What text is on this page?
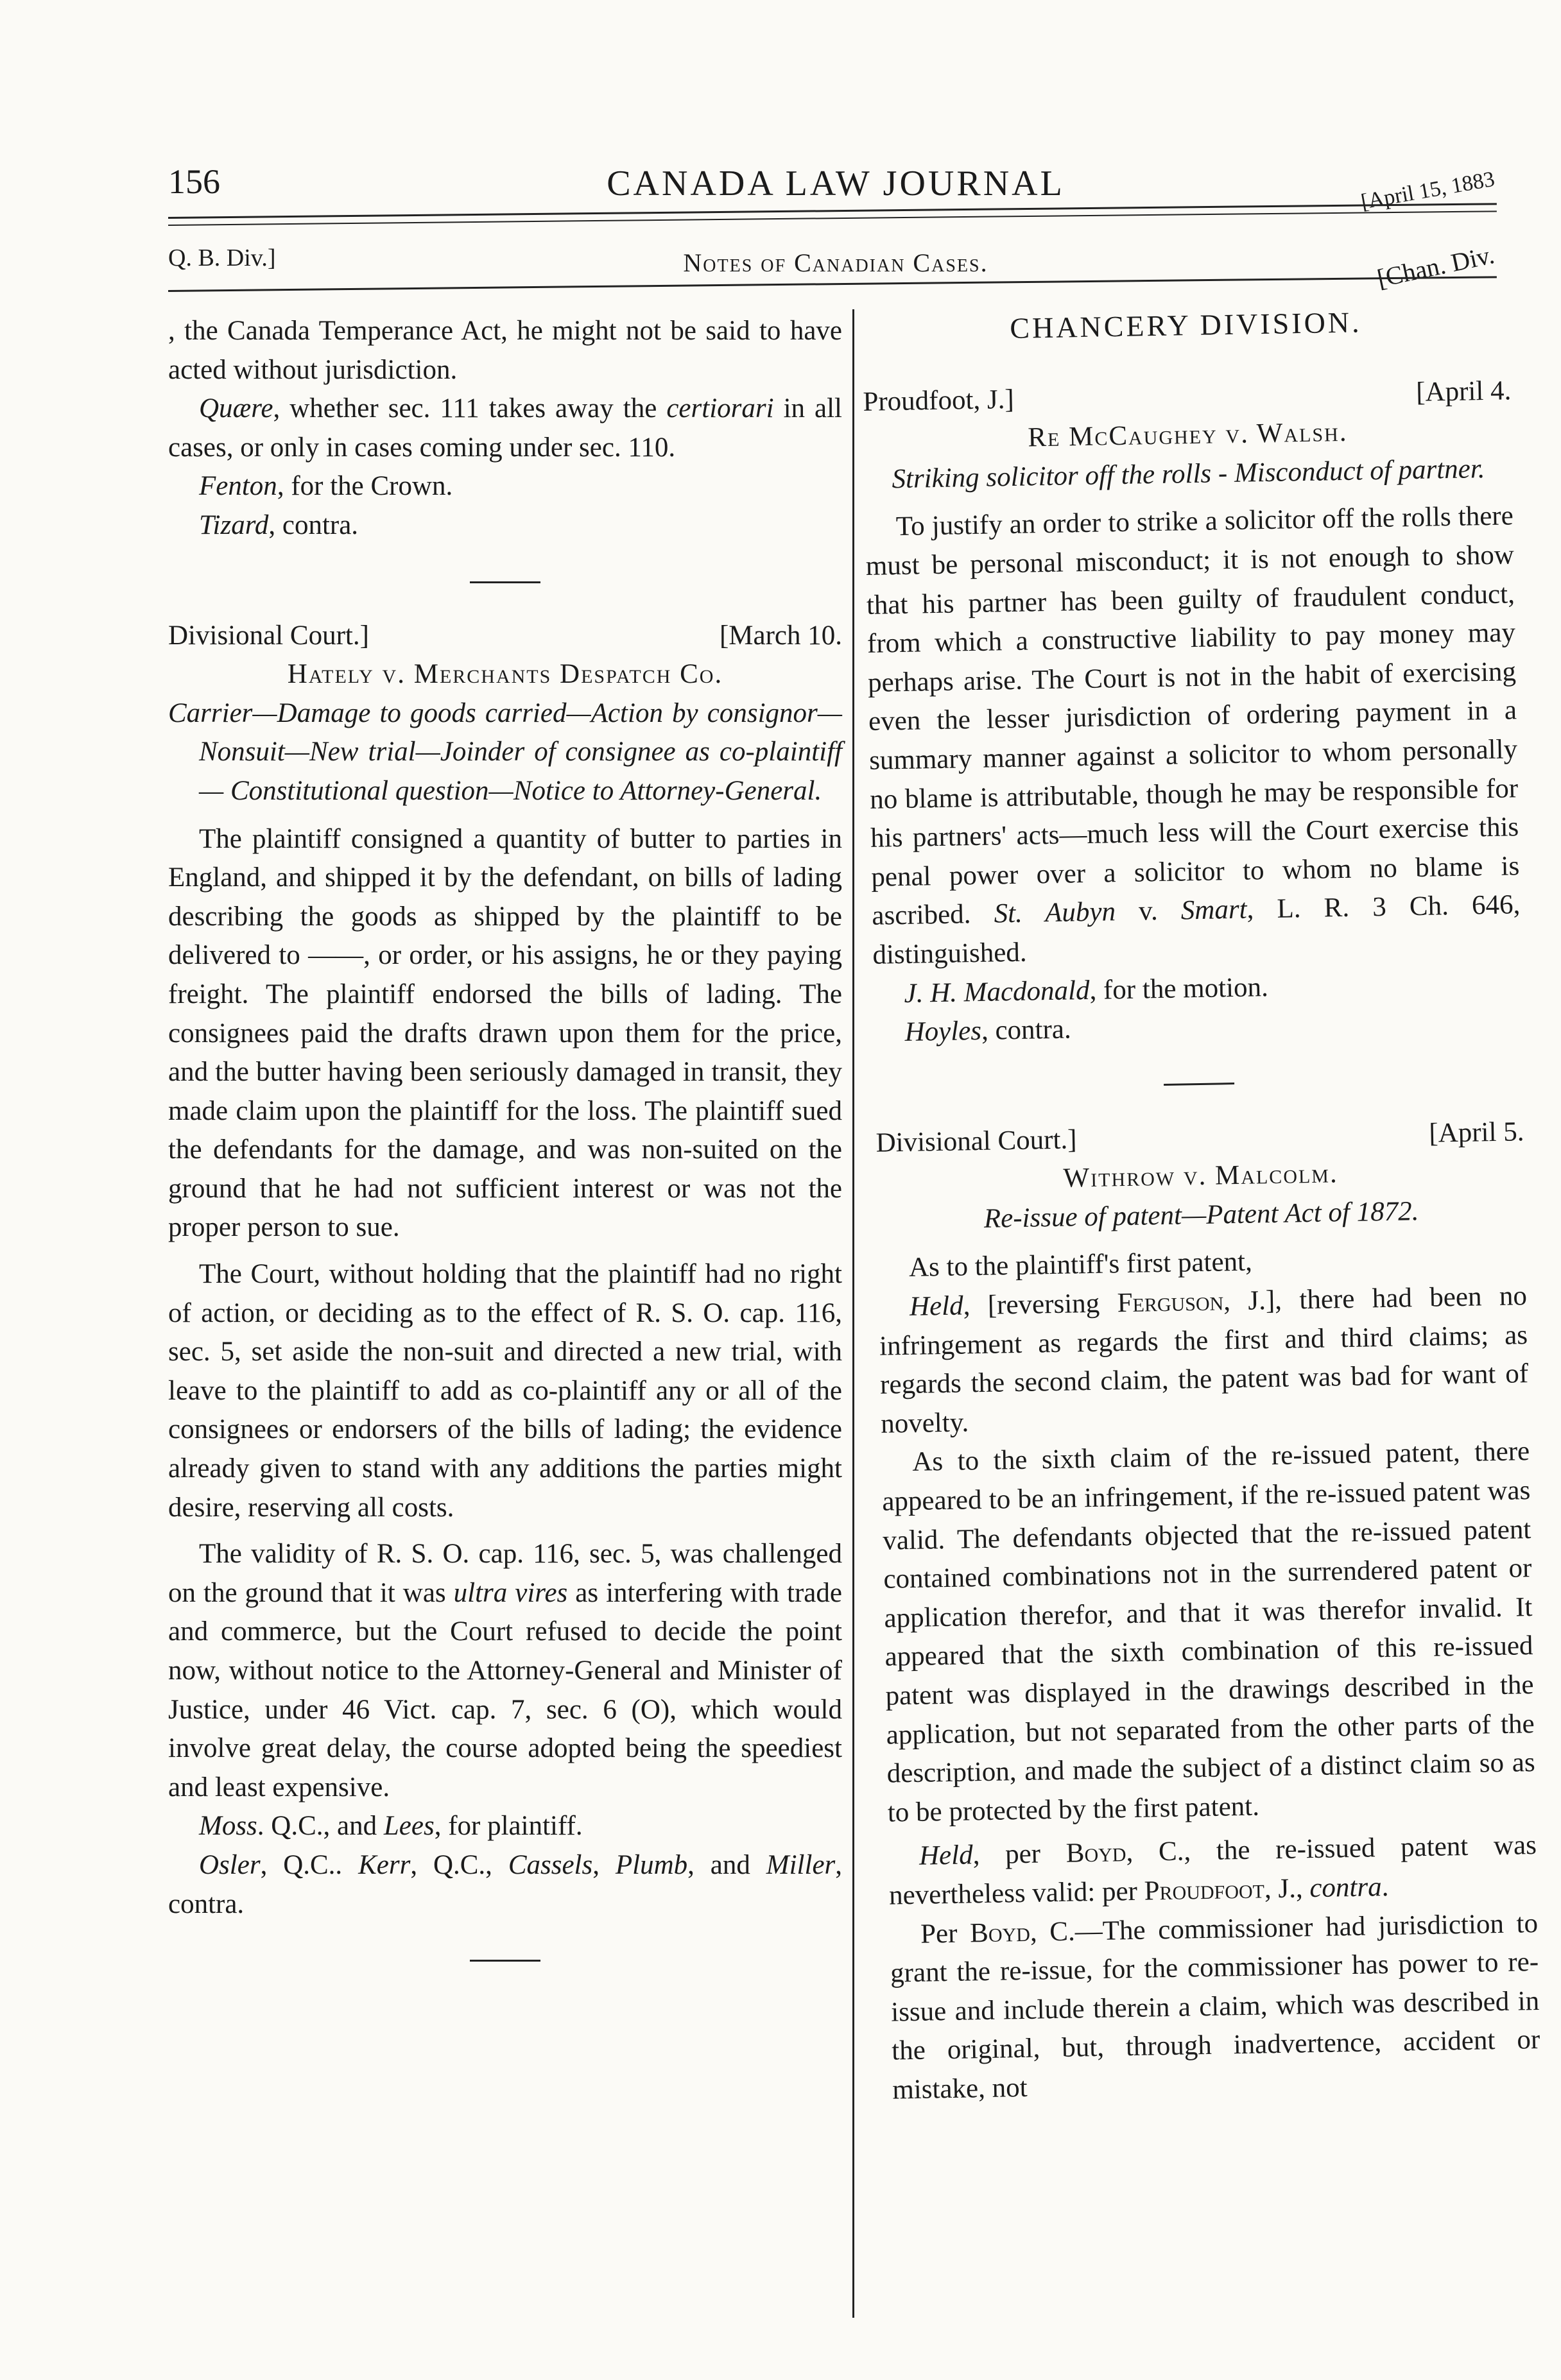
156	CANADA LAW JOURNAL	[April 15, 1883
Q. B. Div.]	Notes of Canadian Cases.	[Chan. Div.

, the Canada Temperance Act, he might not be said to have acted without jurisdiction.

Quære, whether sec. 111 takes away the certiorari in all cases, or only in cases coming under sec. 110.

Fenton, for the Crown.

Tizard, contra.

Divisional Court.]	[March 10.

Hately v. Merchants Despatch Co.

Carrier—Damage to goods carried—Action by consignor—Nonsuit—New trial—Joinder of consignee as co-plaintiff — Constitutional question—Notice to Attorney-General.

The plaintiff consigned a quantity of butter to parties in England, and shipped it by the defendant, on bills of lading describing the goods as shipped by the plaintiff to be delivered to ——, or order, or his assigns, he or they paying freight. The plaintiff endorsed the bills of lading. The consignees paid the drafts drawn upon them for the price, and the butter having been seriously damaged in transit, they made claim upon the plaintiff for the loss. The plaintiff sued the defendants for the damage, and was non-suited on the ground that he had not sufficient interest or was not the proper person to sue.

The Court, without holding that the plaintiff had no right of action, or deciding as to the effect of R. S. O. cap. 116, sec. 5, set aside the non-suit and directed a new trial, with leave to the plaintiff to add as co-plaintiff any or all of the consignees or endorsers of the bills of lading; the evidence already given to stand with any additions the parties might desire, reserving all costs.

The validity of R. S. O. cap. 116, sec. 5, was challenged on the ground that it was ultra vires as interfering with trade and commerce, but the Court refused to decide the point now, without notice to the Attorney-General and Minister of Justice, under 46 Vict. cap. 7, sec. 6 (O), which would involve great delay, the course adopted being the speediest and least expensive.

Moss. Q.C., and Lees, for plaintiff.

Osler, Q.C.. Kerr, Q.C., Cassels, Plumb, and Miller, contra.

CHANCERY DIVISION.

Proudfoot, J.]	[April 4.

Re McCaughey v. Walsh.

Striking solicitor off the rolls - Misconduct of partner.

To justify an order to strike a solicitor off the rolls there must be personal misconduct; it is not enough to show that his partner has been guilty of fraudulent conduct, from which a constructive liability to pay money may perhaps arise. The Court is not in the habit of exercising even the lesser jurisdiction of ordering payment in a summary manner against a solicitor to whom personally no blame is attributable, though he may be responsible for his partners' acts—much less will the Court exercise this penal power over a solicitor to whom no blame is ascribed. St. Aubyn v. Smart, L. R. 3 Ch. 646, distinguished.

J. H. Macdonald, for the motion.

Hoyles, contra.

Divisional Court.]	[April 5.

Withrow v. Malcolm.

Re-issue of patent—Patent Act of 1872.

As to the plaintiff's first patent,

Held, [reversing Ferguson, J.], there had been no infringement as regards the first and third claims; as regards the second claim, the patent was bad for want of novelty.

As to the sixth claim of the re-issued patent, there appeared to be an infringement, if the re-issued patent was valid. The defendants objected that the re-issued patent contained combinations not in the surrendered patent or application therefor, and that it was therefor invalid. It appeared that the sixth combination of this re-issued patent was displayed in the drawings described in the application, but not separated from the other parts of the description, and made the subject of a distinct claim so as to be protected by the first patent.

Held, per Boyd, C., the re-issued patent was nevertheless valid: per Proudfoot, J., contra.

Per Boyd, C.—The commissioner had jurisdiction to grant the re-issue, for the commissioner has power to re-issue and include therein a claim, which was described in the original, but, through inadvertence, accident or mistake, not
